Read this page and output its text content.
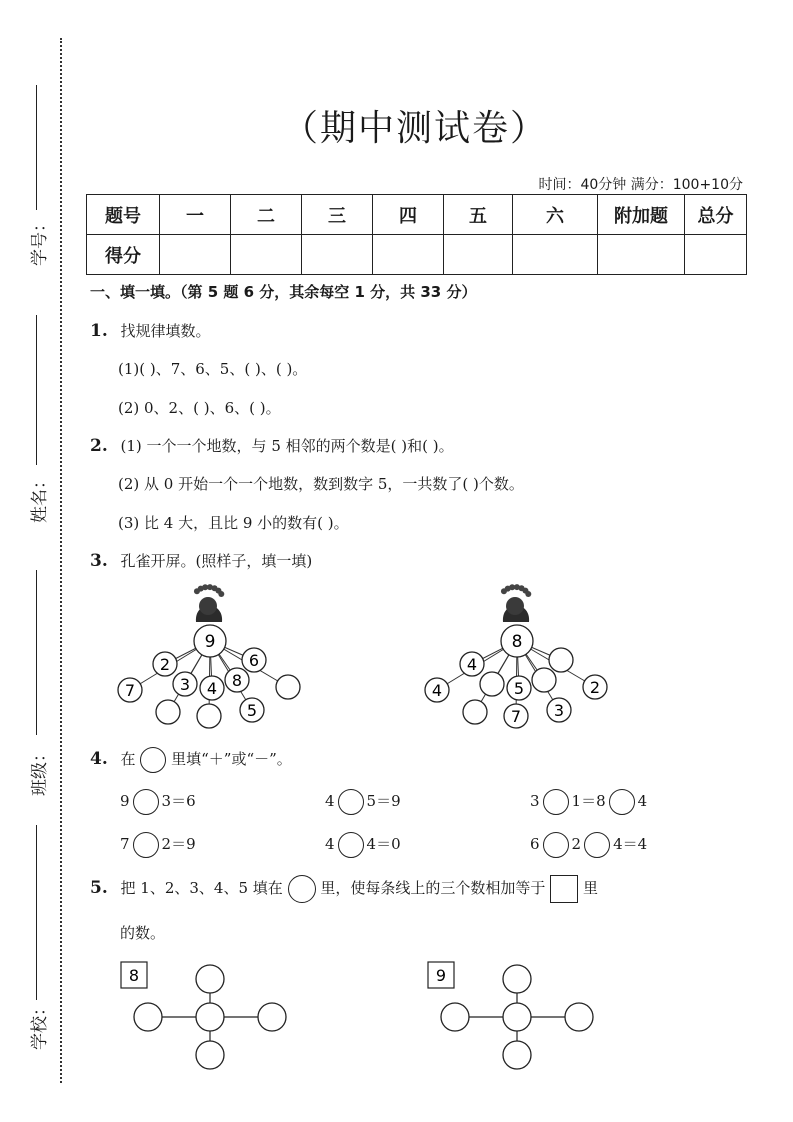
学号：
姓名：
班级：
学校：
（期中测试卷）
时间：40分钟 满分：100+10分
题号	一	二	三	四	五	六	附加题	总分
得分								
一、填一填。（第 5 题 6 分，其余每空 1 分，共 33 分）
1. 找规律填数。
(1)( )、7、6、5、( )、( )。
(2) 0、2、( )、6、( )。
2. (1) 一个一个地数，与 5 相邻的两个数是( )和( )。
(2) 从 0 开始一个一个地数，数到数字 5，一共数了( )个数。
(3) 比 4 大，且比 9 小的数有( )。
3. 孔雀开屏。(照样子，填一填)
9
2	6
7	3 4 8
5
8
4
4	5
7 3
2
4. 在 里填“＋”或“－”。
9 3＝6	4 5＝9	3 1＝8 4
7 2＝9	4 4＝0	6 2 4＝4
5. 把 1、2、3、4、5 填在	里，使每条线上的三个数相加等于	里
的数。
8	9
